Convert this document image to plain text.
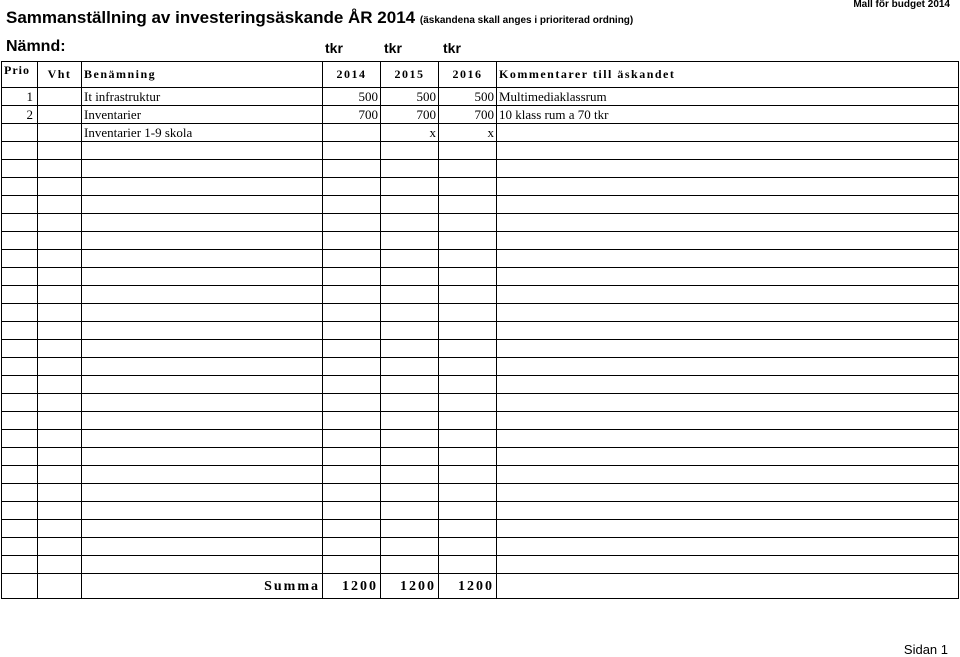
Sammanställning av investeringsäskande ÅR 2014 (äskandena skall anges i prioriterad ordning)
Mall för budget 2014
Nämnd:	tkr	tkr	tkr
Prio	Vht	Benämning	2014	2015	2016	Kommentarer till äskandet
1		It infrastruktur	500	500	500	Multimediaklassrum
2		Inventarier	700	700	700	10 klass rum a 70 tkr
		Inventarier 1-9 skola		x	x	

		Summa	1200	1200	1200	
Sidan 1
